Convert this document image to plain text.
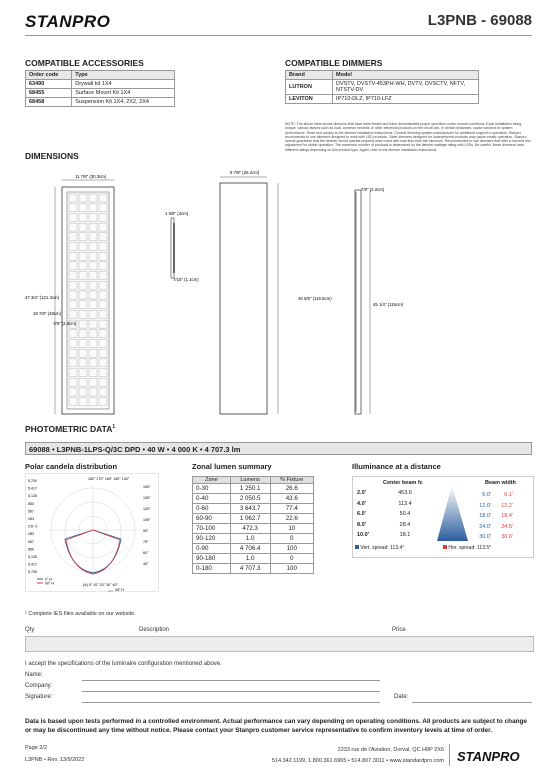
STANPRO	L3PNB - 69088
COMPATIBLE ACCESSORIES
Order code	Type
63490	Drywall kit 1X4
68455	Surface Mount Kit 1X4
68458	Suspension Kit 1X4, 2X2, 2X4
COMPATIBLE DIMMERS
Brand	Model
LUTRON	DVSTV, DVSTV-453PH-WH, DVTV, DVSCTV, NFTV, NTSTV-DV
LEVITON	IP710-DLZ, IP710-LFZ
NOTE: The above table shows dimmers that have been tested and have demonstrated proper operation under normal conditions. Each installation being unique, various factors such as load, common neutrals or other electrical products on the circuit can, in certain instances, cause variance in system performance. Read and comply to the dimmer installation instructions. Consult dimming system manufacturer for additional support in operation. Stanpro recommends to use dimmers designed to work with LED products. Older dimmers designed for incandescent products may cause erratic operation. Stanpro cannot guarantee that the dimmer would operate properly when used with load less than the minimum. Recommended to use dimmers that offer a low-end trim adjustment for stable operation. The maximum number of products is determined by the dimmer wattage rating with LEDs. Be careful, these dimmers have different ratings depending on this product type. Again, refer to the dimmer installation instructions.
DIMENSIONS
11 7/8" (30.3cm)
47 3/4" (121.3cm)
18 7/8" (48cm)
7/8" (2.3cm)
1 5/8" (4cm)
7/16" (1.1cm)
9 7/8" (25.2cm)
45 5/8" (115.8cm)
7/8" (2.2cm)
45 1/4" (115cm)
PHOTOMETRIC DATA$^1$
69088 • L3PNB-1LPS-Q/3C DPD • 40 W • 4 000 K • 4 707.3 lm
Polar candela distribution
5,700
5,417
5,135
850
567
283
CD: 0
283
567
850
5,135
5,417
5,700
150°
135°
120°
105°
90°
75°
60°
45°
180° 170° 160° 150° 140°
(A) 0° 10° 20° 30° 40°
0° H
90° H
45° H
Zonal lumen summary
Zone	Lumens	% Fixture
0-30	1 250.1	26.6
0-40	2 050.5	43.6
0-60	3 643.7	77.4
60-90	1 062.7	22.6
70-100	472.3	10
90-120	1.0	0
0-90	4 706.4	100
90-180	1.0	0
0-180	4 707.3	100
Illuminance at a distance
Center beam fc	Beam width
2.0'	453.6
4.0'	113.4
6.0'	50.4
8.0'	28.4
10.0'	18.1
6.0' 6.1'
12.0' 12.2'
18.0' 18.4'
24.0' 24.5'
30.0' 30.6'
Vert. spread: 113.4°	Hor. spread: 113.5°
¹ Complete IES files available on our website.
Qty	Description	Price
I accept the specifications of the luminaire configuration mentioned above.
Name:
Company:
Signature:	Date:
Data is based upon tests performed in a controlled environment. Actual performance can vary depending on operating conditions. All products are subject to change or may be discontinued any time without notice. Please contact your Stanpro customer service representative to confirm inventory levels at time of order.
Page 2/2
L3PNB • Rev. 13/9/2022
2233 rue de l'Aviation, Dorval, QC H9P 2X6
514.342.1199, 1.800.361.6965 • 514.807.3011 • www.standardpro.com STANPRO
